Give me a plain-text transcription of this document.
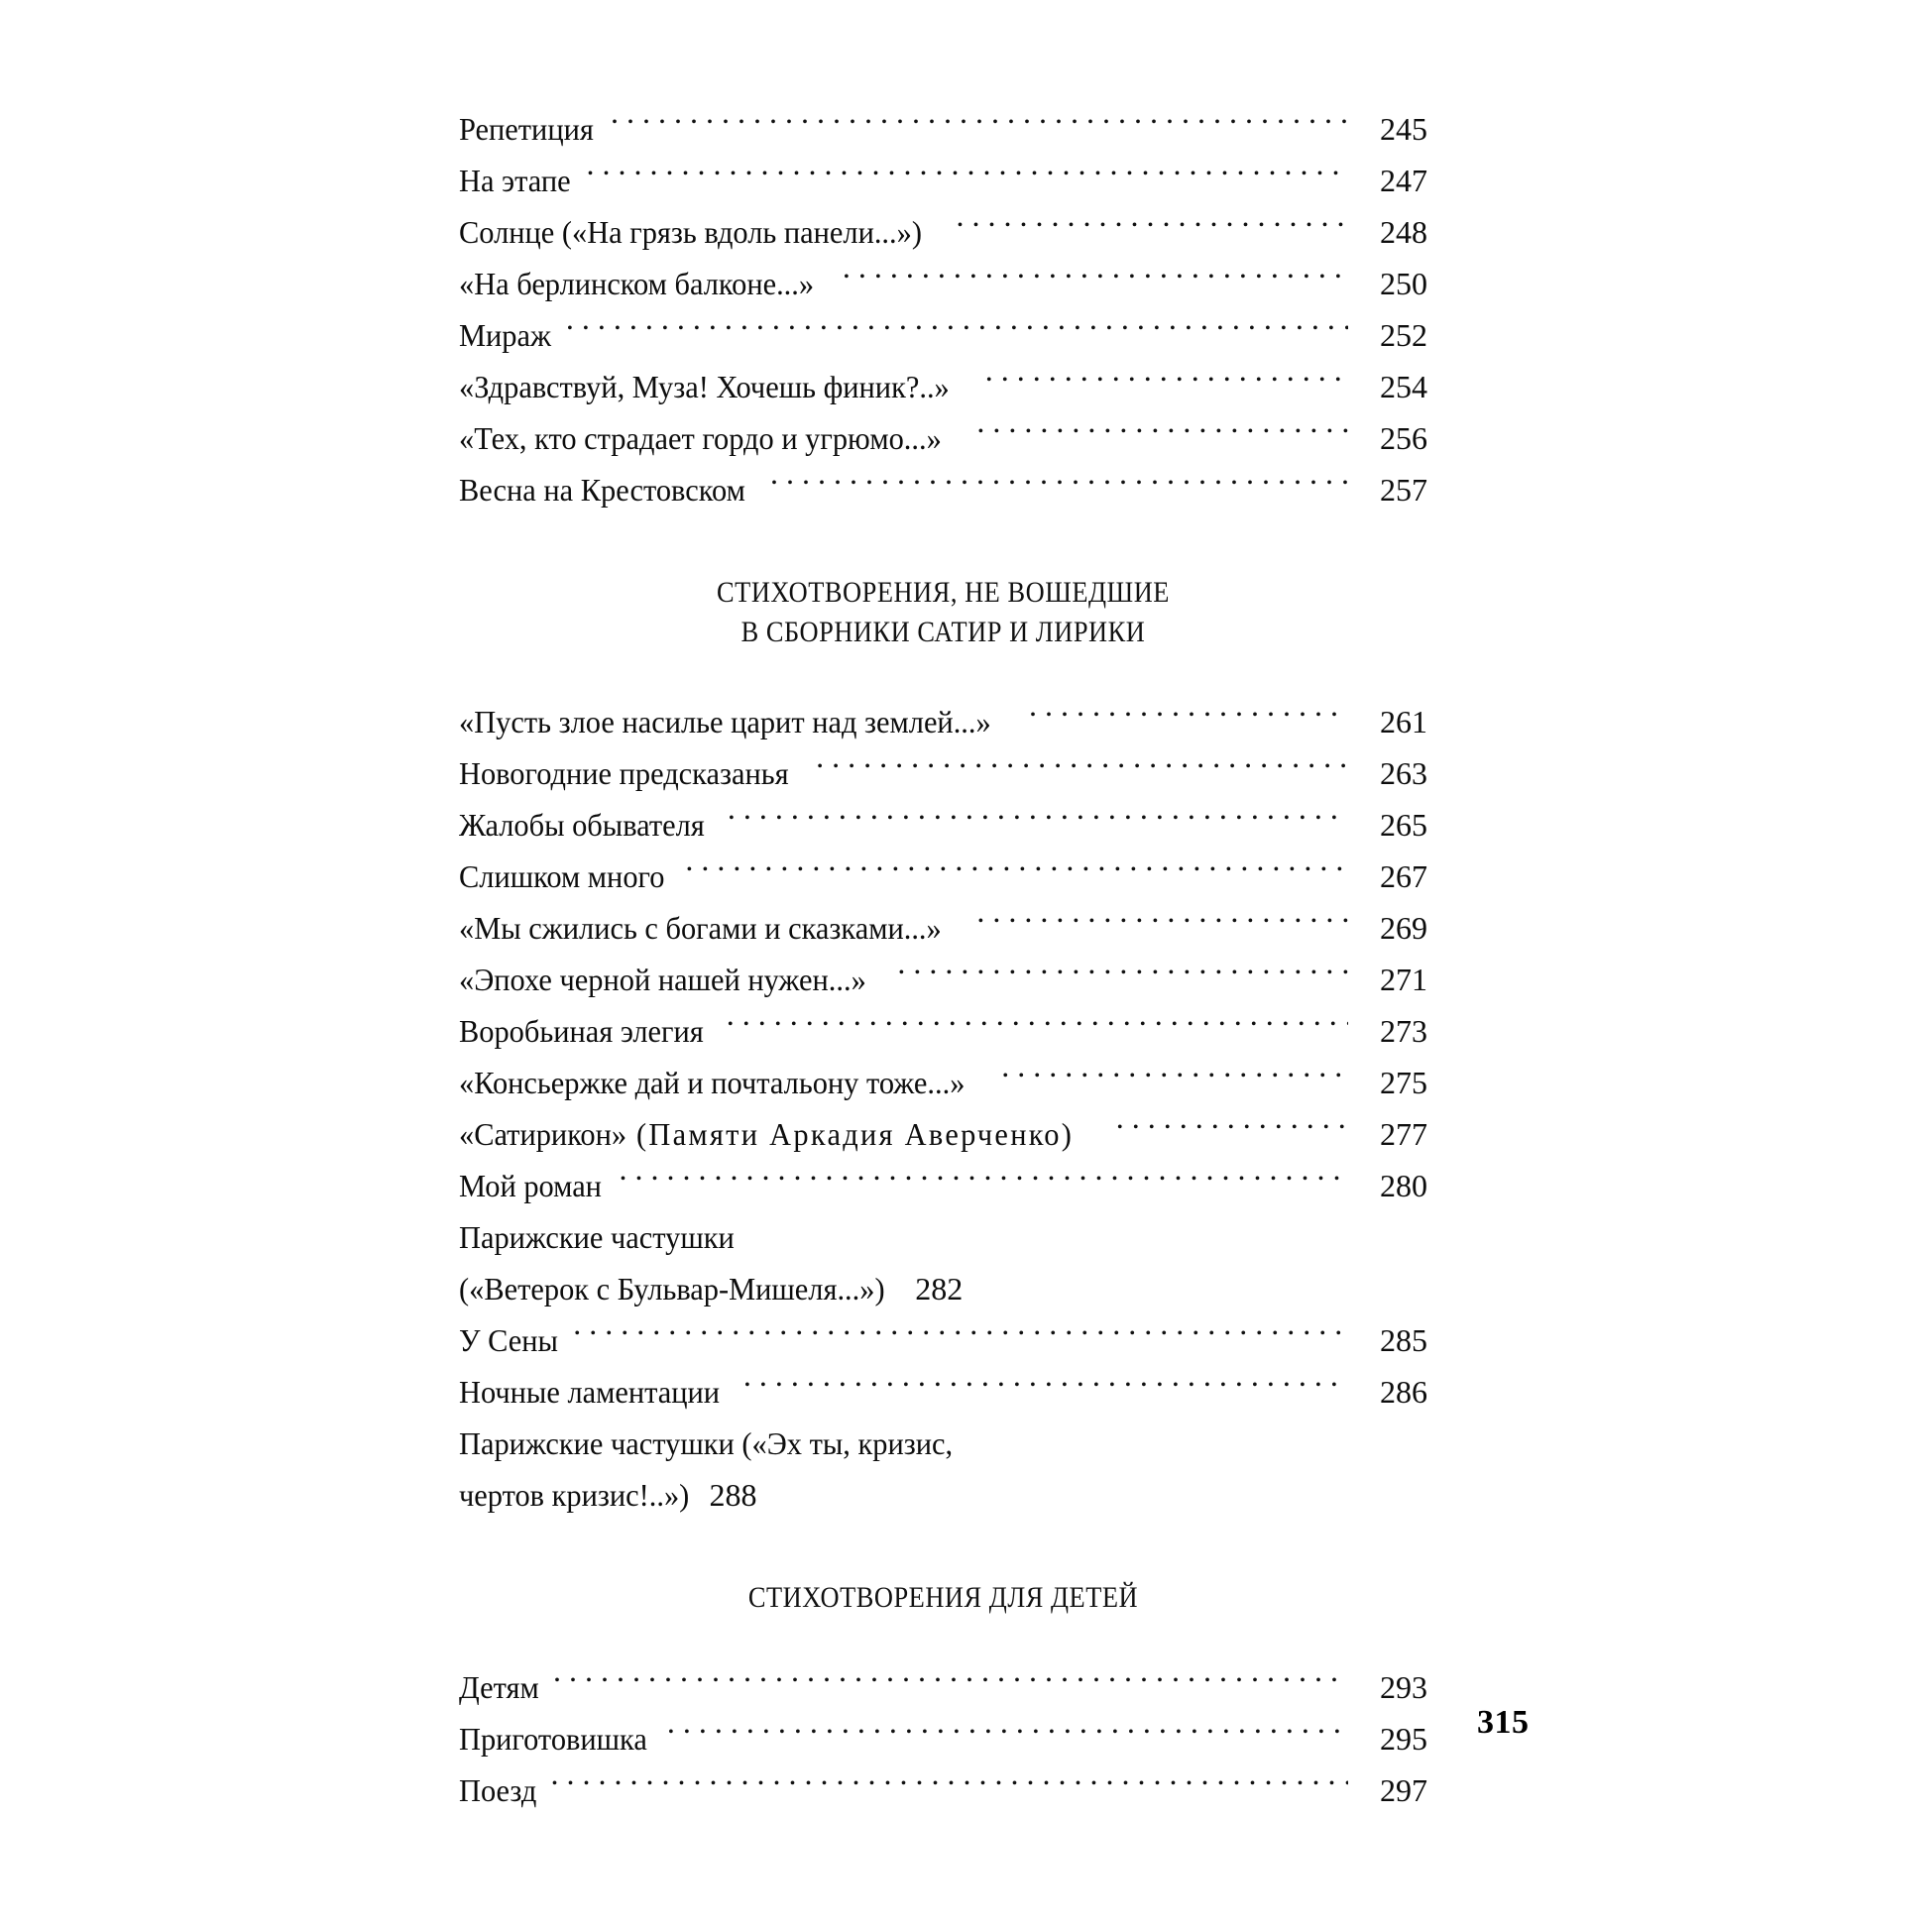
Репетиция . . .	245
На этапе . . .	247
Солнце («На грязь вдоль панели...») . . .	248
«На берлинском балконе...» . . .	250
Мираж . . .	252
«Здравствуй, Муза! Хочешь финик?..» . . .	254
«Тех, кто страдает гордо и угрюмо...» . . .	256
Весна на Крестовском . . .	257
СТИХОТВОРЕНИЯ, НЕ ВОШЕДШИЕ
В СБОРНИКИ САТИР И ЛИРИКИ
«Пусть злое насилье царит над землей...» . . .	261
Новогодние предсказанья . . .	263
Жалобы обывателя . . .	265
Слишком много . . .	267
«Мы сжились с богами и сказками...» . . .	269
«Эпохе черной нашей нужен...» . . .	271
Воробьиная элегия . . .	273
«Консьержке дай и почтальону тоже...» . . .	275
«Сатирикон» (Памяти Аркадия Аверченко) . . .	277
Мой роман . . .	280
Парижские частушки
(«Ветерок с Бульвар-Мишеля...») 282
У Сены . . .	285
Ночные ламентации . . .	286
Парижские частушки («Эх ты, кризис,
чертов кризис!..») 288
СТИХОТВОРЕНИЯ ДЛЯ ДЕТЕЙ
Детям . . .	293
Приготовишка . . .	295
Поезд . . .	297
315
